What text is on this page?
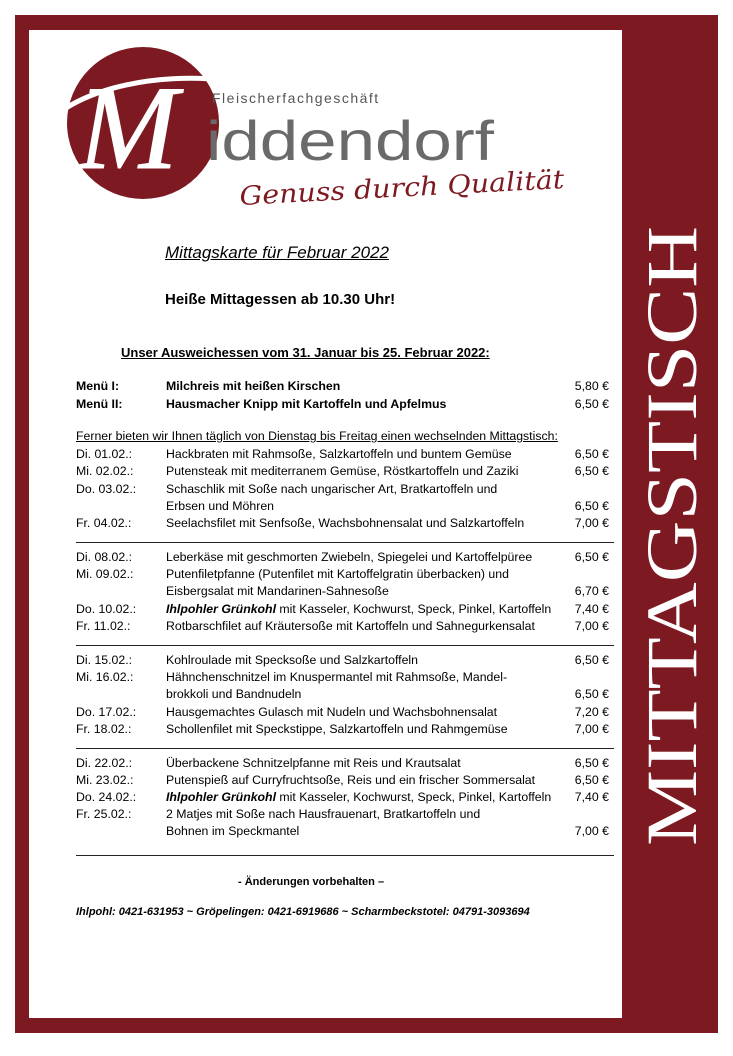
M	Fleischerfachgeschäft
iddendorf
Genuss durch Qualität
MITTAGSTISCH
Mittagskarte für Februar 2022
Heiße Mittagessen ab 10.30 Uhr!
Unser Ausweichessen vom 31. Januar bis 25. Februar 2022:
Menü I:	Milchreis mit heißen Kirschen	5,80 €
Menü II:	Hausmacher Knipp mit Kartoffeln und Apfelmus	6,50 €
Ferner bieten wir Ihnen täglich von Dienstag bis Freitag einen wechselnden Mittagstisch:
Di. 01.02.:	Hackbraten mit Rahmsoße, Salzkartoffeln und buntem Gemüse	6,50 €
Mi. 02.02.:	Putensteak mit mediterranem Gemüse, Röstkartoffeln und Zaziki	6,50 €
Do. 03.02.: Schaschlik mit Soße nach ungarischer Art, Bratkartoffeln und
Erbsen und Möhren	6,50 €
Fr. 04.02.:	Seelachsfilet mit Senfsoße, Wachsbohnensalat und Salzkartoffeln	7,00 €
Di. 08.02.:	Leberkäse mit geschmorten Zwiebeln, Spiegelei und Kartoffelpüree	6,50 €
Mi. 09.02.:	Putenfiletpfanne (Putenfilet mit Kartoffelgratin überbacken) und
Eisbergsalat mit Mandarinen-Sahnesoße	6,70 €
Do. 10.02.: Ihlpohler Grünkohl mit Kasseler, Kochwurst, Speck, Pinkel, Kartoffeln 7,40 €
Fr. 11.02.:	Rotbarschfilet auf Kräutersoße mit Kartoffeln und Sahnegurkensalat	7,00 €
Di. 15.02.:	Kohlroulade mit Specksoße und Salzkartoffeln	6,50 €
Mi. 16.02.:	Hähnchenschnitzel im Knuspermantel mit Rahmsoße, Mandel-
brokkoli und Bandnudeln	6,50 €
Do. 17.02.: Hausgemachtes Gulasch mit Nudeln und Wachsbohnensalat	7,20 €
Fr. 18.02.:	Schollenfilet mit Speckstippe, Salzkartoffeln und Rahmgemüse	7,00 €
Di. 22.02.:	Überbackene Schnitzelpfanne mit Reis und Krautsalat	6,50 €
Mi. 23.02.:	Putenspieß auf Curryfruchtsoße, Reis und ein frischer Sommersalat	6,50 €
Do. 24.02.: Ihlpohler Grünkohl mit Kasseler, Kochwurst, Speck, Pinkel, Kartoffeln 7,40 €
Fr. 25.02.:	2 Matjes mit Soße nach Hausfrauenart, Bratkartoffeln und
Bohnen im Speckmantel	7,00 €
- Änderungen vorbehalten –
Ihlpohl: 0421-631953 ~ Gröpelingen: 0421-6919686 ~ Scharmbeckstotel: 04791-3093694
